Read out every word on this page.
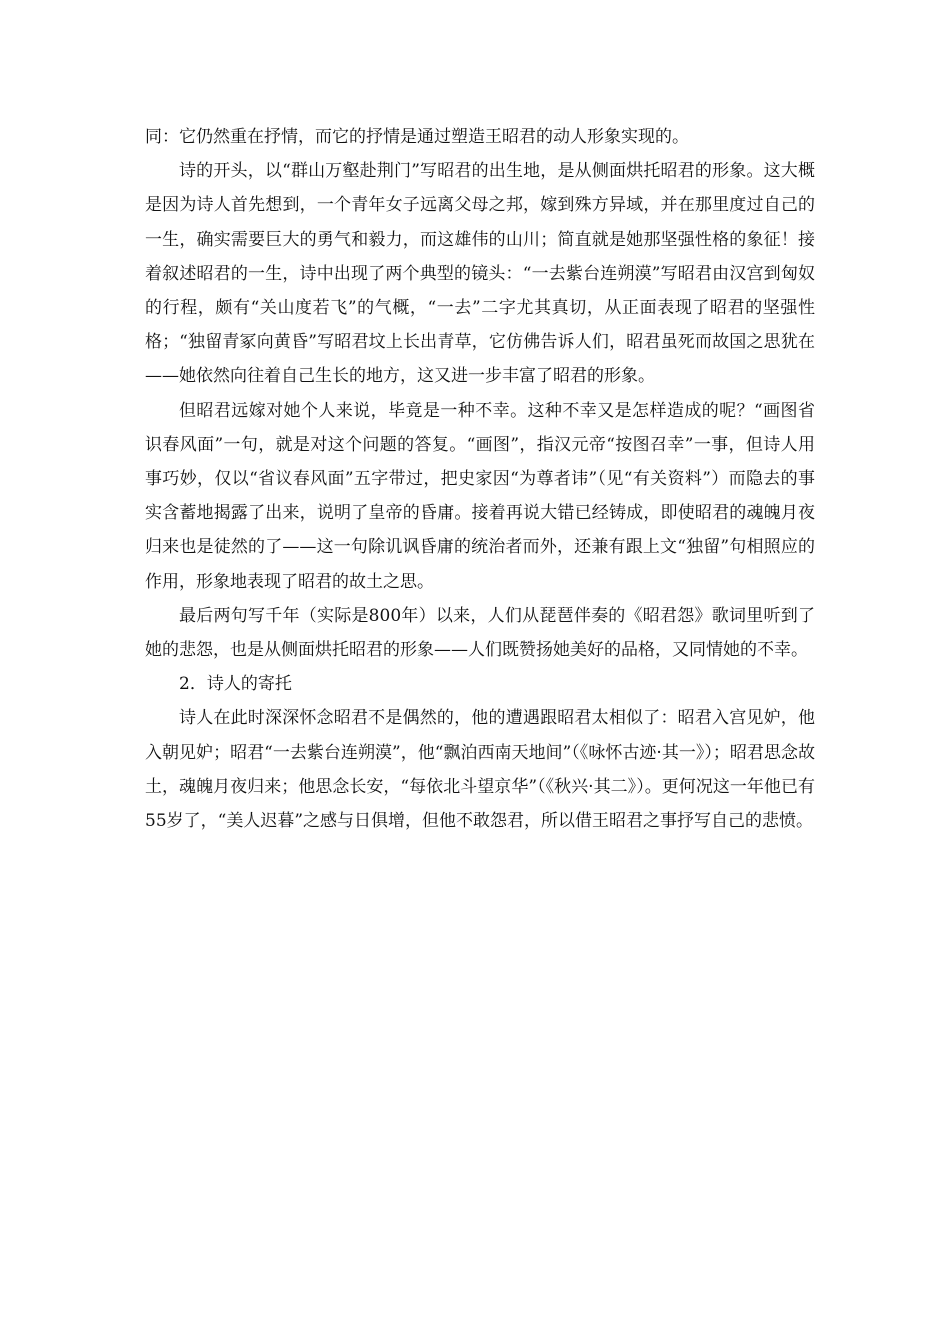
同：它仍然重在抒情，而它的抒情是通过塑造王昭君的动人形象实现的。

诗的开头，以“群山万壑赴荆门”写昭君的出生地，是从侧面烘托昭君的形象。这大概是因为诗人首先想到，一个青年女子远离父母之邦，嫁到殊方异域，并在那里度过自己的一生，确实需要巨大的勇气和毅力，而这雄伟的山川；简直就是她那坚强性格的象征！接着叙述昭君的一生，诗中出现了两个典型的镜头：“一去紫台连朔漠”写昭君由汉宫到匈奴的行程，颇有“关山度若飞”的气概，“一去”二字尤其真切，从正面表现了昭君的坚强性格；“独留青冢向黄昏”写昭君坟上长出青草，它仿佛告诉人们，昭君虽死而故国之思犹在——她依然向往着自己生长的地方，这又进一步丰富了昭君的形象。

但昭君远嫁对她个人来说，毕竟是一种不幸。这种不幸又是怎样造成的呢？“画图省识春风面”一句，就是对这个问题的答复。“画图”，指汉元帝“按图召幸”一事，但诗人用事巧妙，仅以“省议春风面”五字带过，把史家因“为尊者讳”（见“有关资料”）而隐去的事实含蓄地揭露了出来，说明了皇帝的昏庸。接着再说大错已经铸成，即使昭君的魂魄月夜归来也是徒然的了——这一句除讥讽昏庸的统治者而外，还兼有跟上文“独留”句相照应的作用，形象地表现了昭君的故土之思。

最后两句写千年（实际是800年）以来，人们从琵琶伴奏的《昭君怨》歌词里听到了她的悲怨，也是从侧面烘托昭君的形象——人们既赞扬她美好的品格，又同情她的不幸。

2．诗人的寄托

诗人在此时深深怀念昭君不是偶然的，他的遭遇跟昭君太相似了：昭君入宫见妒，他入朝见妒；昭君“一去紫台连朔漠”，他“飘泊西南天地间”（《咏怀古迹·其一》）；昭君思念故土，魂魄月夜归来；他思念长安，“每依北斗望京华”（《秋兴·其二》）。更何况这一年他已有55岁了，“美人迟暮”之感与日俱增，但他不敢怨君，所以借王昭君之事抒写自己的悲愤。
